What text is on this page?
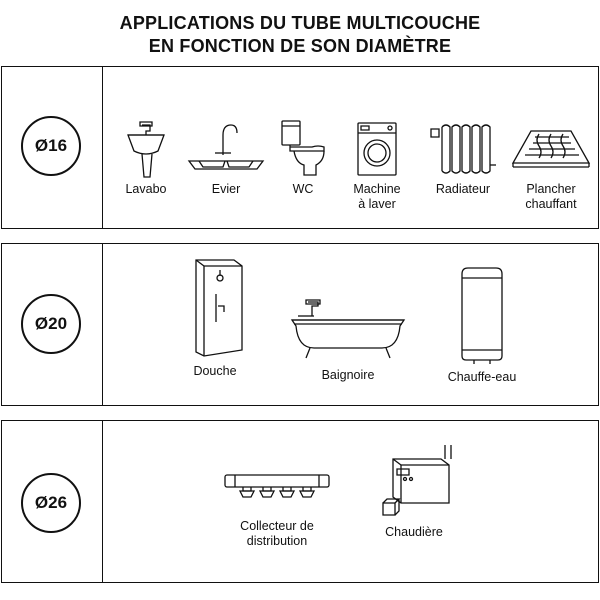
APPLICATIONS DU TUBE MULTICOUCHE
EN FONCTION DE SON DIAMÈTRE
Ø16
Lavabo	Evier	WC	Machine
à laver
Radiateur	Plancher
chauffant
Ø20
Douche	Baignoire	Chauffe-eau
Ø26
Collecteur de
distribution
Chaudière
